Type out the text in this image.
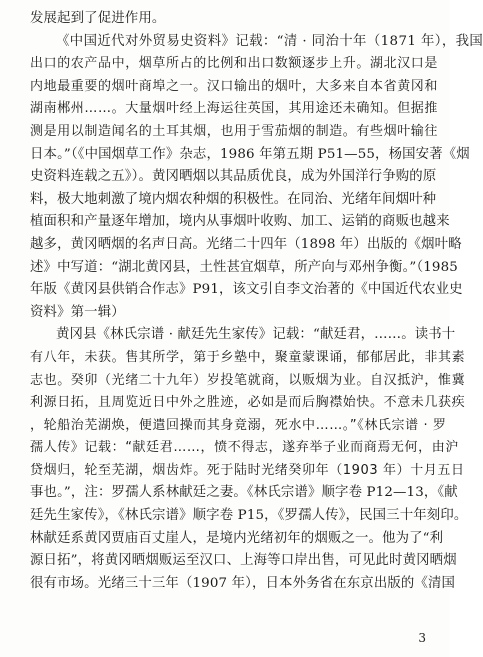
发展起到了促进作用。
《中国近代对外贸易史资料》记载：“清 · 同治十年（1871 年），我国
出口的农产品中，烟草所占的比例和出口数额逐步上升。湖北汉口是
内地最重要的烟叶商埠之一。汉口输出的烟叶，大多来自本省黄冈和
湖南郴州……。大量烟叶经上海运往英国，其用途还未确知。但据推
测是用以制造闻名的土耳其烟，也用于雪茄烟的制造。有些烟叶输往
日本。”（《中国烟草工作》杂志，1986 年第五期 P51—55，杨国安著《烟
史资料连载之五》）。黄冈晒烟以其品质优良，成为外国洋行争购的原
料，极大地刺激了境内烟农种烟的积极性。在同治、光绪年间烟叶种
植面积和产量逐年增加，境内从事烟叶收购、加工、运销的商贩也越来
越多，黄冈晒烟的名声日高。光绪二十四年（1898 年）出版的《烟叶略
述》中写道：“湖北黄冈县，土性甚宜烟草，所产向与邓州争衡。”（1985
年版《黄冈县供销合作志》P91，该文引自李文治著的《中国近代农业史
资料》第一辑）
黄冈县《林氏宗谱 · 献廷先生家传》记载：“献廷君，……。读书十
有八年，未获。售其所学，第于乡塾中，聚童蒙课诵，郁郁居此，非其素
志也。癸卯（光绪二十九年）岁投笔就商，以贩烟为业。自汉抵沪，惟冀
利源日拓，且周览近日中外之胜迹，必如是而后胸襟始快。不意未几获疾
，轮船治芜湖焕，便遣回操而其身竟溺，死水中……。”《林氏宗谱 · 罗
孺人传》记载：“献廷君……，愤不得志，遂弃举子业而商焉无何，由沪
贷烟归，轮至芜湖，烟齿炸。死于陆时光绪癸卯年（1903 年）十月五日
事也。”，注：罗孺人系林献廷之妻。《林氏宗谱》顺字卷 P12—13，《献
廷先生家传》，《林氏宗谱》顺字卷 P15，《罗孺人传》，民国三十年刻印。
林献廷系黄冈贾庙百丈崖人，是境内光绪初年的烟贩之一。他为了“利
源日拓”，将黄冈晒烟贩运至汉口、上海等口岸出售，可见此时黄冈晒烟
很有市场。光绪三十三年（1907 年），日本外务省在东京出版的《清国
3
